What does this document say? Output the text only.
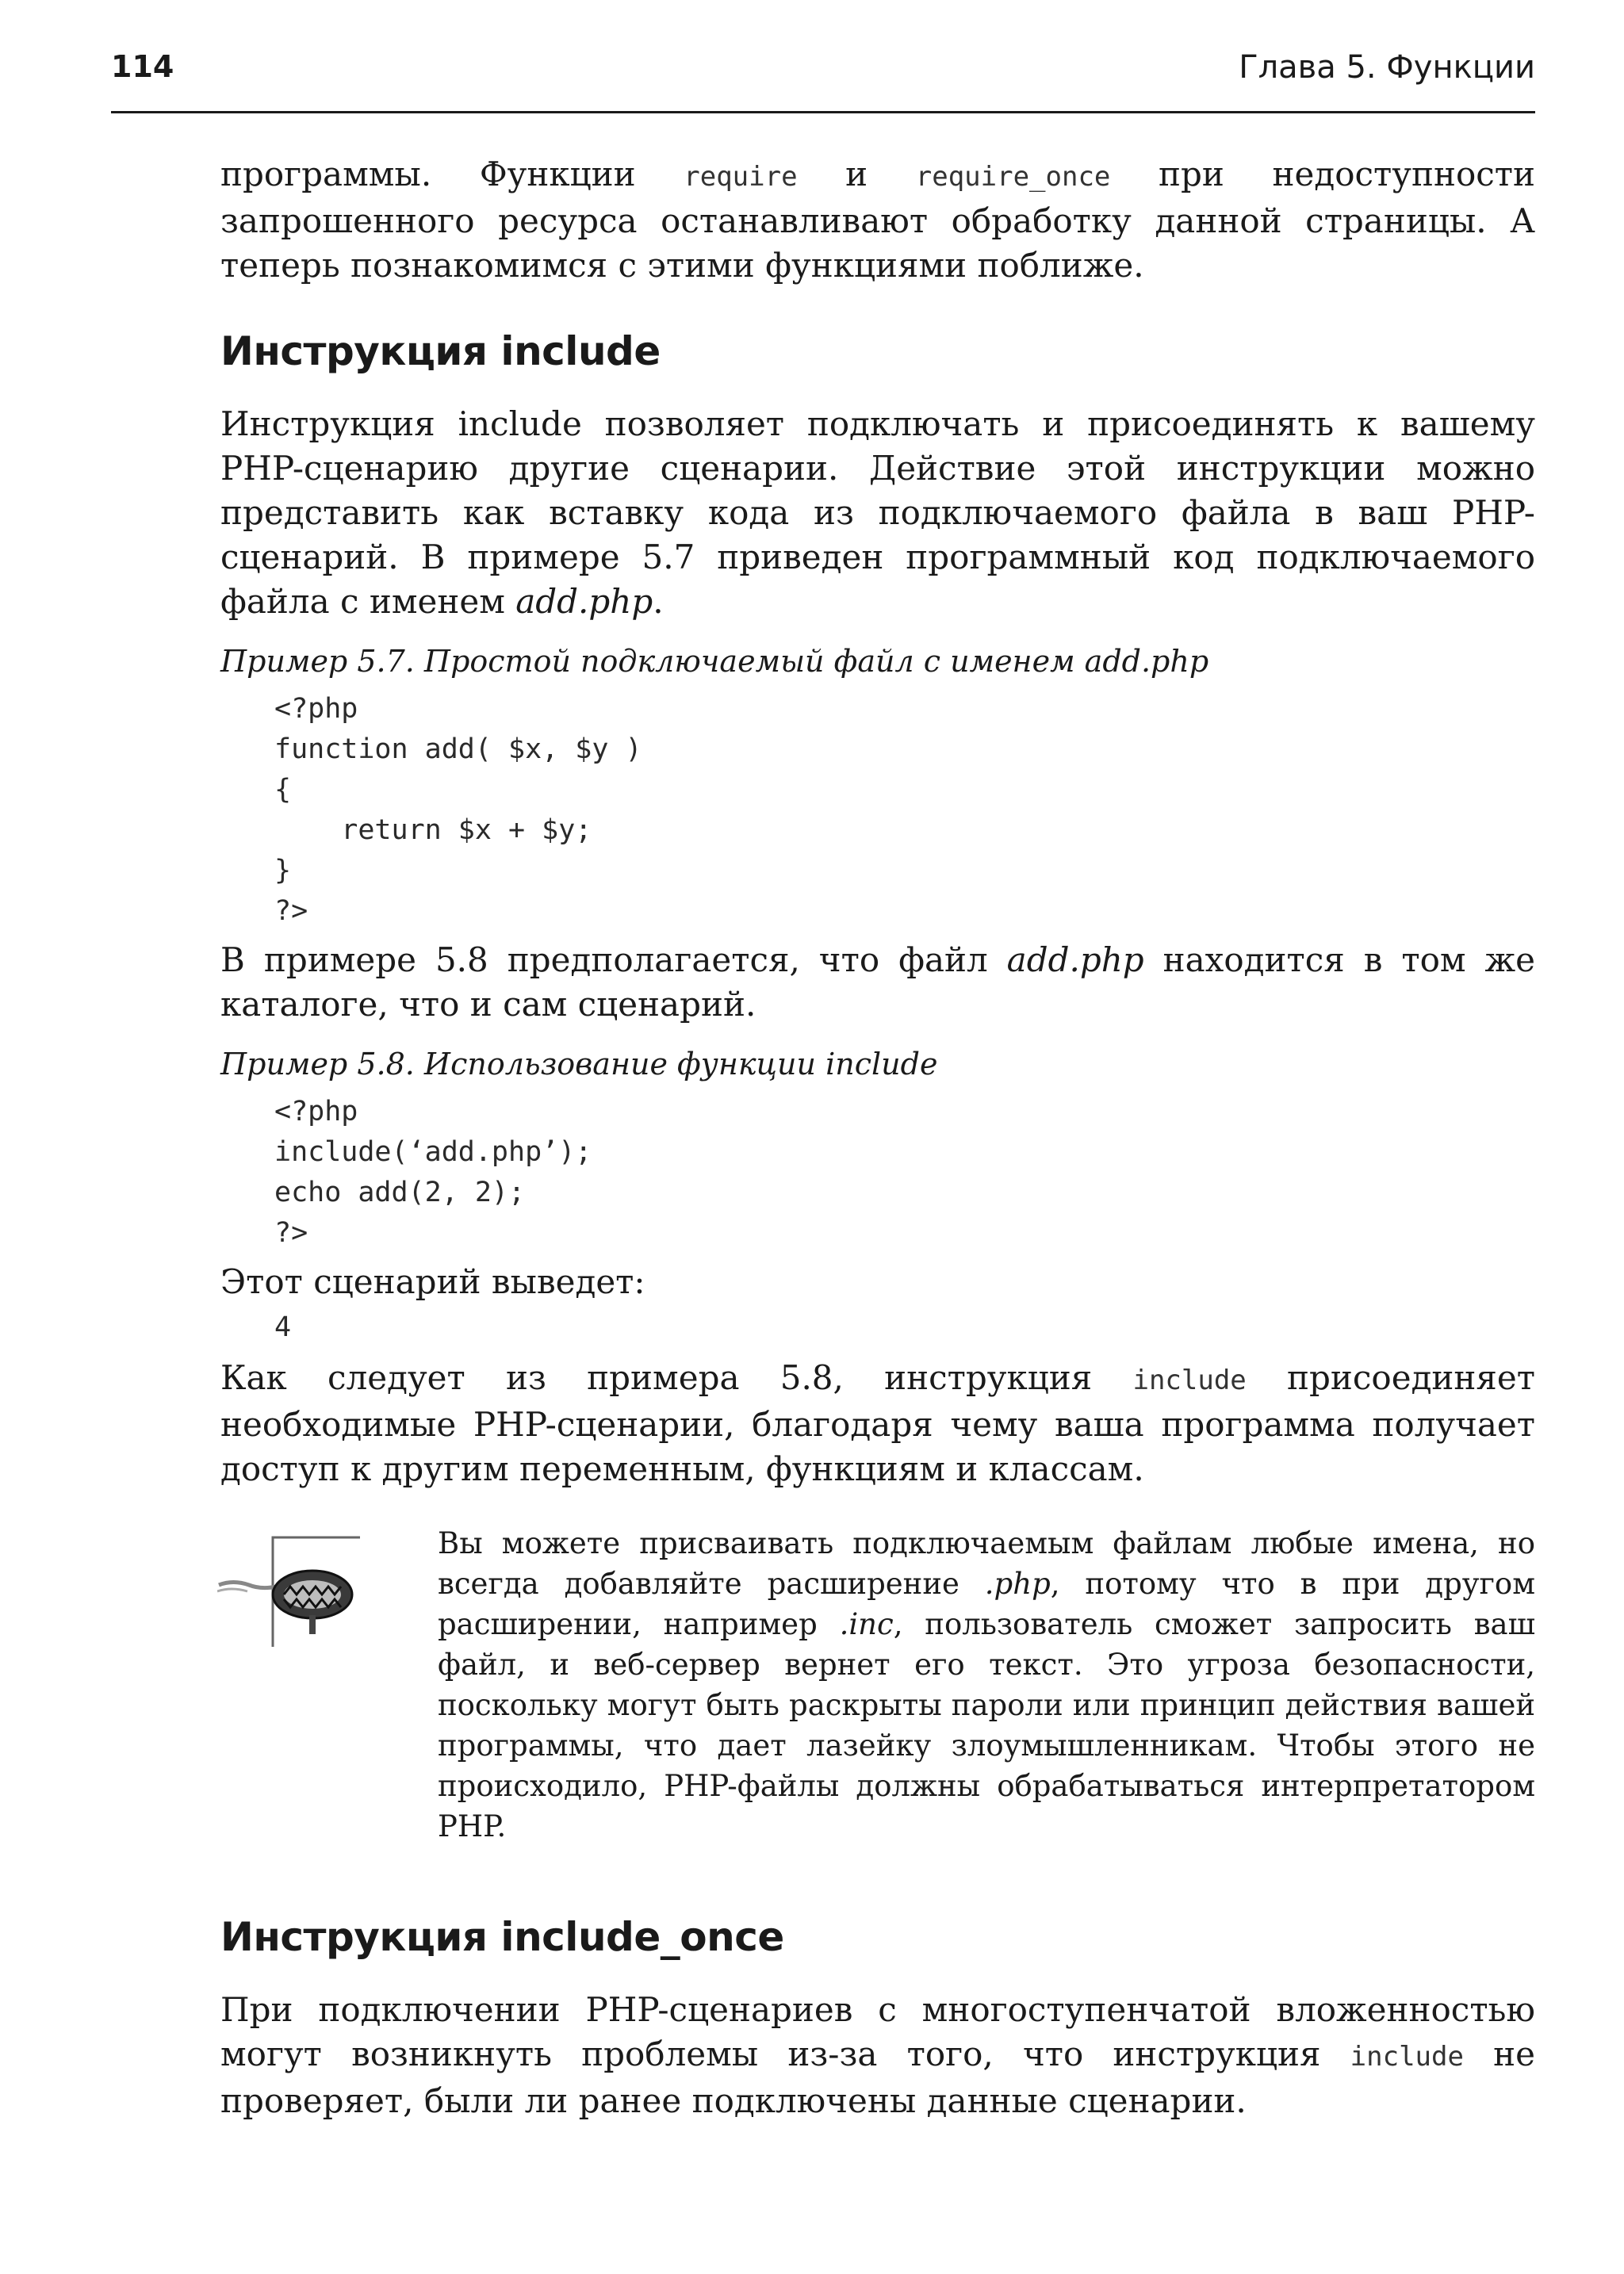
114	Глава 5. Функции

программы. Функции require и require_once при недоступности запрошенного ресурса останавливают обработку данной страницы. А теперь познакомимся с этими функциями поближе.

Инструкция include

Инструкция include позволяет подключать и присоединять к вашему PHP-сценарию другие сценарии. Действие этой инструкции можно представить как вставку кода из подключаемого файла в ваш PHP-сценарий. В примере 5.7 приведен программный код подключаемого файла с именем add.php.

Пример 5.7. Простой подключаемый файл с именем add.php

<?php
function add( $x, $y )
{
return $x + $y;
}
?>

В примере 5.8 предполагается, что файл add.php находится в том же каталоге, что и сам сценарий.

Пример 5.8. Использование функции include

<?php
include(‘add.php’);
echo add(2, 2);
?>

Этот сценарий выведет:

4

Как следует из примера 5.8, инструкция include присоединяет необходимые PHP-сценарии, благодаря чему ваша программа получает доступ к другим переменным, функциям и классам.

Вы можете присваивать подключаемым файлам любые имена, но всегда добавляйте расширение .php, потому что в при другом расширении, например .inc, пользователь сможет запросить ваш файл, и веб-сервер вернет его текст. Это угроза безопасности, поскольку могут быть раскрыты пароли или принцип действия вашей программы, что дает лазейку злоумышленникам. Чтобы этого не происходило, PHP-файлы должны обрабатываться интерпретатором PHP.
Инструкция include_once

При подключении PHP-сценариев с многоступенчатой вложенностью могут возникнуть проблемы из-за того, что инструкция include не проверяет, были ли ранее подключены данные сценарии.
